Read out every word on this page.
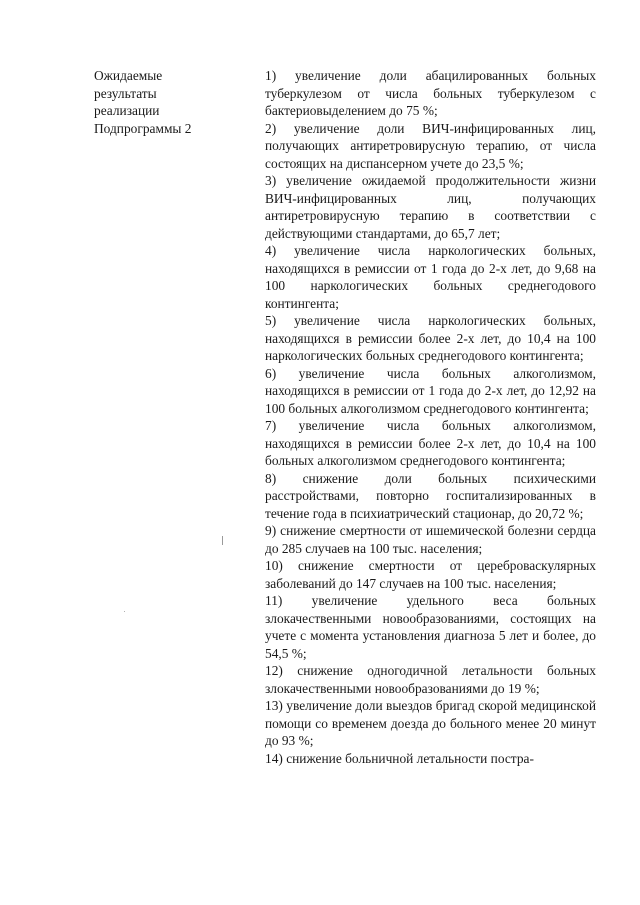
Ожидаемые
результаты
реализации
Подпрограммы 2

1) увеличение доли абацилированных больных туберкулезом от числа больных туберкулезом с бактериовыделением до 75 %;

2) увеличение доли ВИЧ-инфицированных лиц, получающих антиретровирусную терапию, от числа состоящих на диспансерном учете до 23,5 %;

3) увеличение ожидаемой продолжительности жизни ВИЧ-инфицированных лиц, получающих антиретровирусную терапию в соответствии с действующими стандартами, до 65,7 лет;

4) увеличение числа наркологических больных, находящихся в ремиссии от 1 года до 2-х лет, до 9,68 на 100 наркологических больных среднегодового контингента;

5) увеличение числа наркологических больных, находящихся в ремиссии более 2-х лет, до 10,4 на 100 наркологических больных среднегодового контингента;

6) увеличение числа больных алкоголизмом, находящихся в ремиссии от 1 года до 2-х лет, до 12,92 на 100 больных алкоголизмом среднегодового контингента;

7) увеличение числа больных алкоголизмом, находящихся в ремиссии более 2-х лет, до 10,4 на 100 больных алкоголизмом среднегодового контингента;

8) снижение доли больных психическими расстройствами, повторно госпитализированных в течение года в психиатрический стационар, до 20,72 %;

9) снижение смертности от ишемической болезни сердца до 285 случаев на 100 тыс. населения;

10) снижение смертности от цереброваскулярных заболеваний до 147 случаев на 100 тыс. населения;

11) увеличение удельного веса больных злокачественными новообразованиями, состоящих на учете с момента установления диагноза 5 лет и более, до 54,5 %;

12) снижение одногодичной летальности больных злокачественными новообразованиями до 19 %;

13) увеличение доли выездов бригад скорой медицинской помощи со временем доезда до больного менее 20 минут до 93 %;

14) снижение больничной летальности постра-
